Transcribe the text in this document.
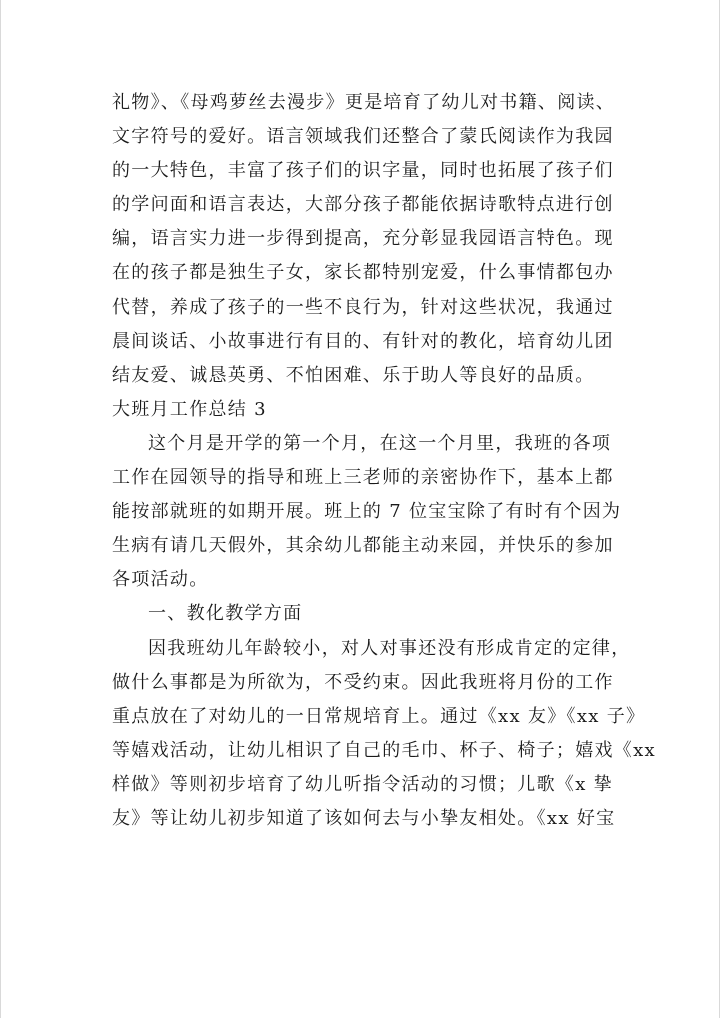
礼物》、《母鸡萝丝去漫步》更是培育了幼儿对书籍、阅读、
文字符号的爱好。语言领域我们还整合了蒙氏阅读作为我园
的一大特色，丰富了孩子们的识字量，同时也拓展了孩子们
的学问面和语言表达，大部分孩子都能依据诗歌特点进行创
编，语言实力进一步得到提高，充分彰显我园语言特色。现
在的孩子都是独生子女，家长都特别宠爱，什么事情都包办
代替，养成了孩子的一些不良行为，针对这些状况，我通过
晨间谈话、小故事进行有目的、有针对的教化，培育幼儿团
结友爱、诚恳英勇、不怕困难、乐于助人等良好的品质。
大班月工作总结 3
这个月是开学的第一个月，在这一个月里，我班的各项
工作在园领导的指导和班上三老师的亲密协作下，基本上都
能按部就班的如期开展。班上的 7 位宝宝除了有时有个因为
生病有请几天假外，其余幼儿都能主动来园，并快乐的参加
各项活动。
一、教化教学方面
因我班幼儿年龄较小，对人对事还没有形成肯定的定律，
做什么事都是为所欲为，不受约束。因此我班将月份的工作
重点放在了对幼儿的一日常规培育上。通过《xx 友》《xx 子》
等嬉戏活动，让幼儿相识了自己的毛巾、杯子、椅子；嬉戏《xx
样做》等则初步培育了幼儿听指令活动的习惯；儿歌《x 挚
友》等让幼儿初步知道了该如何去与小挚友相处。《xx 好宝
